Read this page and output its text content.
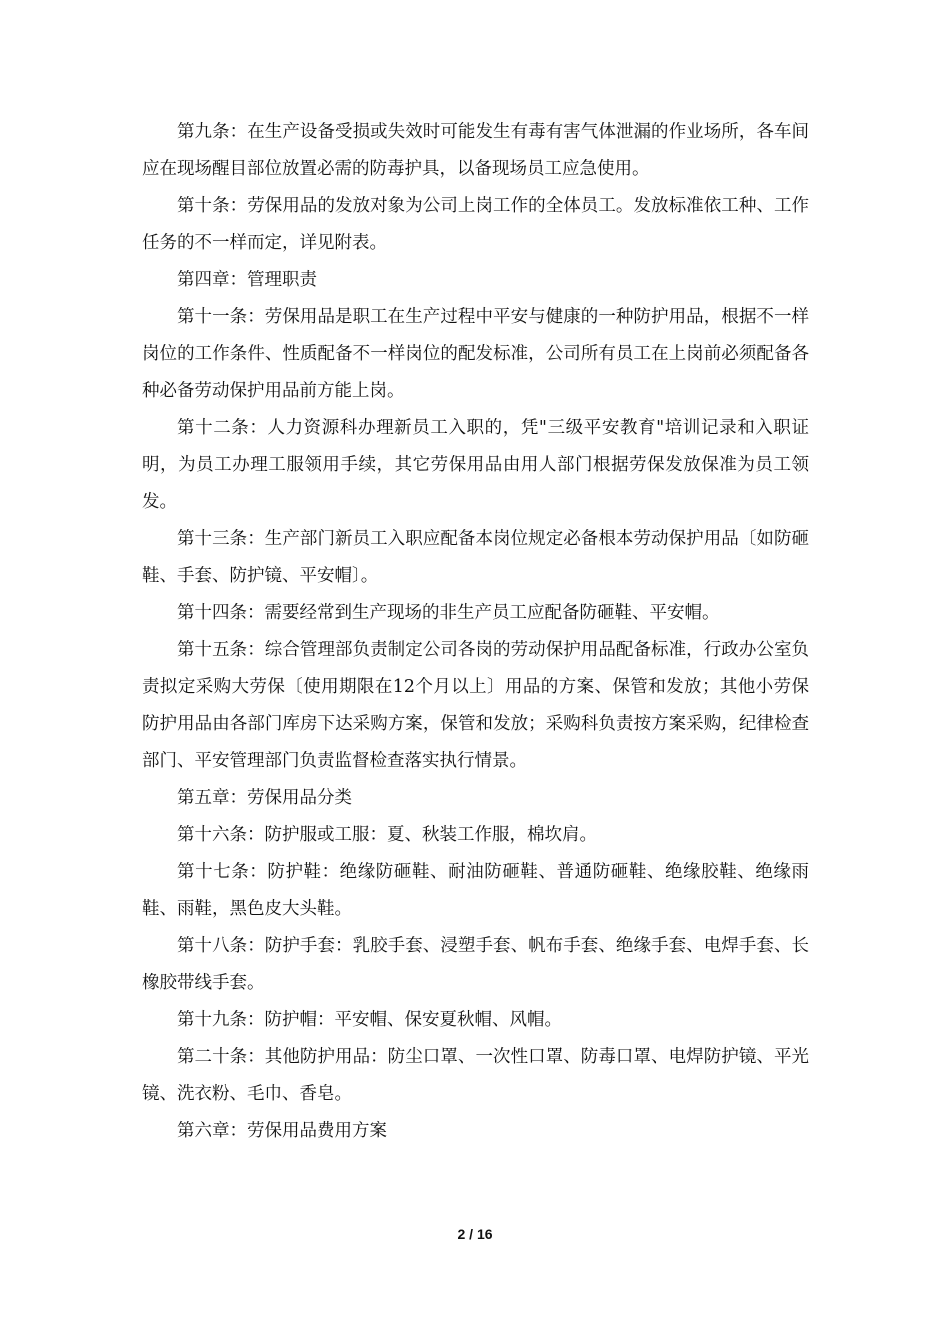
第九条：在生产设备受损或失效时可能发生有毒有害气体泄漏的作业场所，各车间应在现场醒目部位放置必需的防毒护具，以备现场员工应急使用。

第十条：劳保用品的发放对象为公司上岗工作的全体员工。发放标准依工种、工作任务的不一样而定，详见附表。

第四章：管理职责

第十一条：劳保用品是职工在生产过程中平安与健康的一种防护用品，根据不一样岗位的工作条件、性质配备不一样岗位的配发标准，公司所有员工在上岗前必须配备各种必备劳动保护用品前方能上岗。

第十二条：人力资源科办理新员工入职的，凭"三级平安教育"培训记录和入职证明，为员工办理工服领用手续，其它劳保用品由用人部门根据劳保发放保准为员工领发。

第十三条：生产部门新员工入职应配备本岗位规定必备根本劳动保护用品〔如防砸鞋、手套、防护镜、平安帽〕。

第十四条：需要经常到生产现场的非生产员工应配备防砸鞋、平安帽。

第十五条：综合管理部负责制定公司各岗的劳动保护用品配备标准，行政办公室负责拟定采购大劳保〔使用期限在12个月以上〕用品的方案、保管和发放；其他小劳保防护用品由各部门库房下达采购方案，保管和发放；采购科负责按方案采购，纪律检查部门、平安管理部门负责监督检查落实执行情景。

第五章：劳保用品分类

第十六条：防护服或工服：夏、秋装工作服，棉坎肩。

第十七条：防护鞋：绝缘防砸鞋、耐油防砸鞋、普通防砸鞋、绝缘胶鞋、绝缘雨鞋、雨鞋，黑色皮大头鞋。

第十八条：防护手套：乳胶手套、浸塑手套、帆布手套、绝缘手套、电焊手套、长橡胶带线手套。

第十九条：防护帽：平安帽、保安夏秋帽、风帽。

第二十条：其他防护用品：防尘口罩、一次性口罩、防毒口罩、电焊防护镜、平光镜、洗衣粉、毛巾、香皂。

第六章：劳保用品费用方案

2 / 16
